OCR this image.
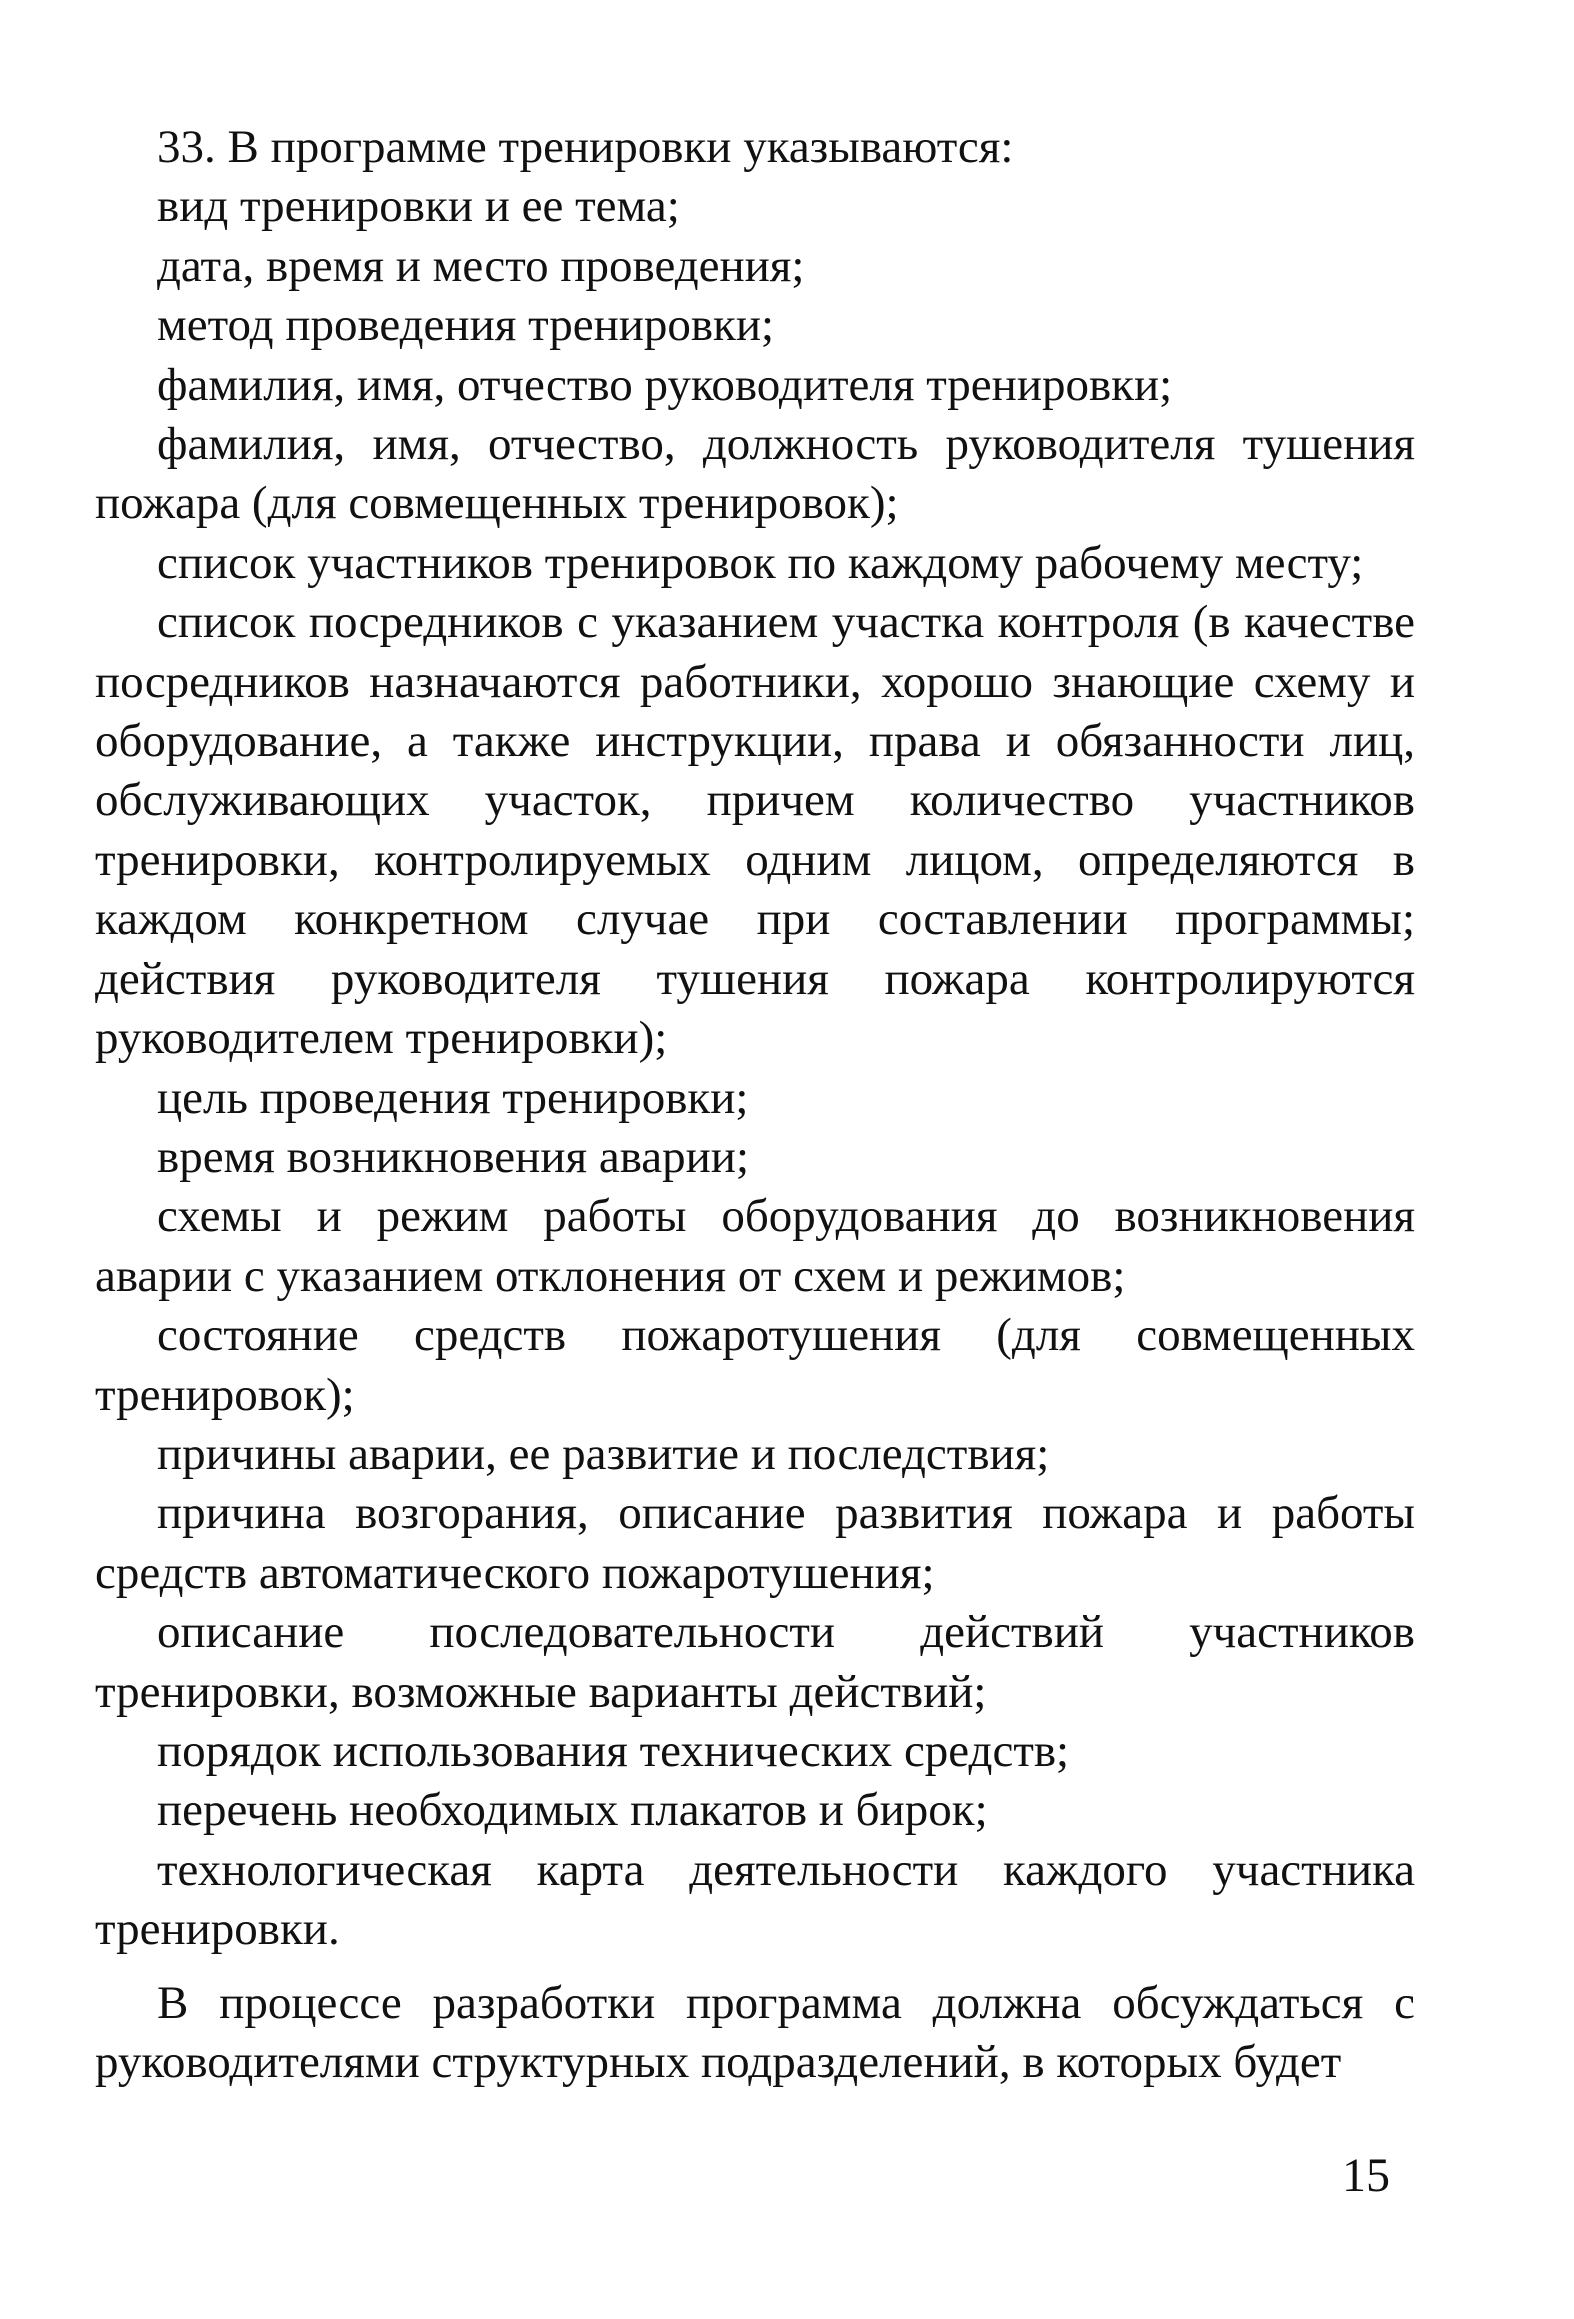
33. В программе тренировки указываются:

вид тренировки и ее тема;

дата, время и место проведения;

метод проведения тренировки;

фамилия, имя, отчество руководителя тренировки;

фамилия, имя, отчество, должность руководителя тушения пожара (для совмещенных тренировок);

список участников тренировок по каждому рабочему месту;

список посредников с указанием участка контроля (в качестве посредников назначаются работники, хорошо знающие схему и оборудование, а также инструкции, права и обязанности лиц, обслуживающих участок, причем количество участников тренировки, контролируемых одним лицом, определяются в каждом конкретном случае при составлении программы; действия руководителя тушения пожара контролируются руководителем тренировки);

цель проведения тренировки;

время возникновения аварии;

схемы и режим работы оборудования до возникновения аварии с указанием отклонения от схем и режимов;

состояние средств пожаротушения (для совмещенных тренировок);

причины аварии, ее развитие и последствия;

причина возгорания, описание развития пожара и работы средств автоматического пожаротушения;

описание последовательности действий участников тренировки, возможные варианты действий;

порядок использования технических средств;

перечень необходимых плакатов и бирок;

технологическая карта деятельности каждого участника тренировки.

В процессе разработки программа должна обсуждаться с руководителями структурных подразделений, в которых будет

15
